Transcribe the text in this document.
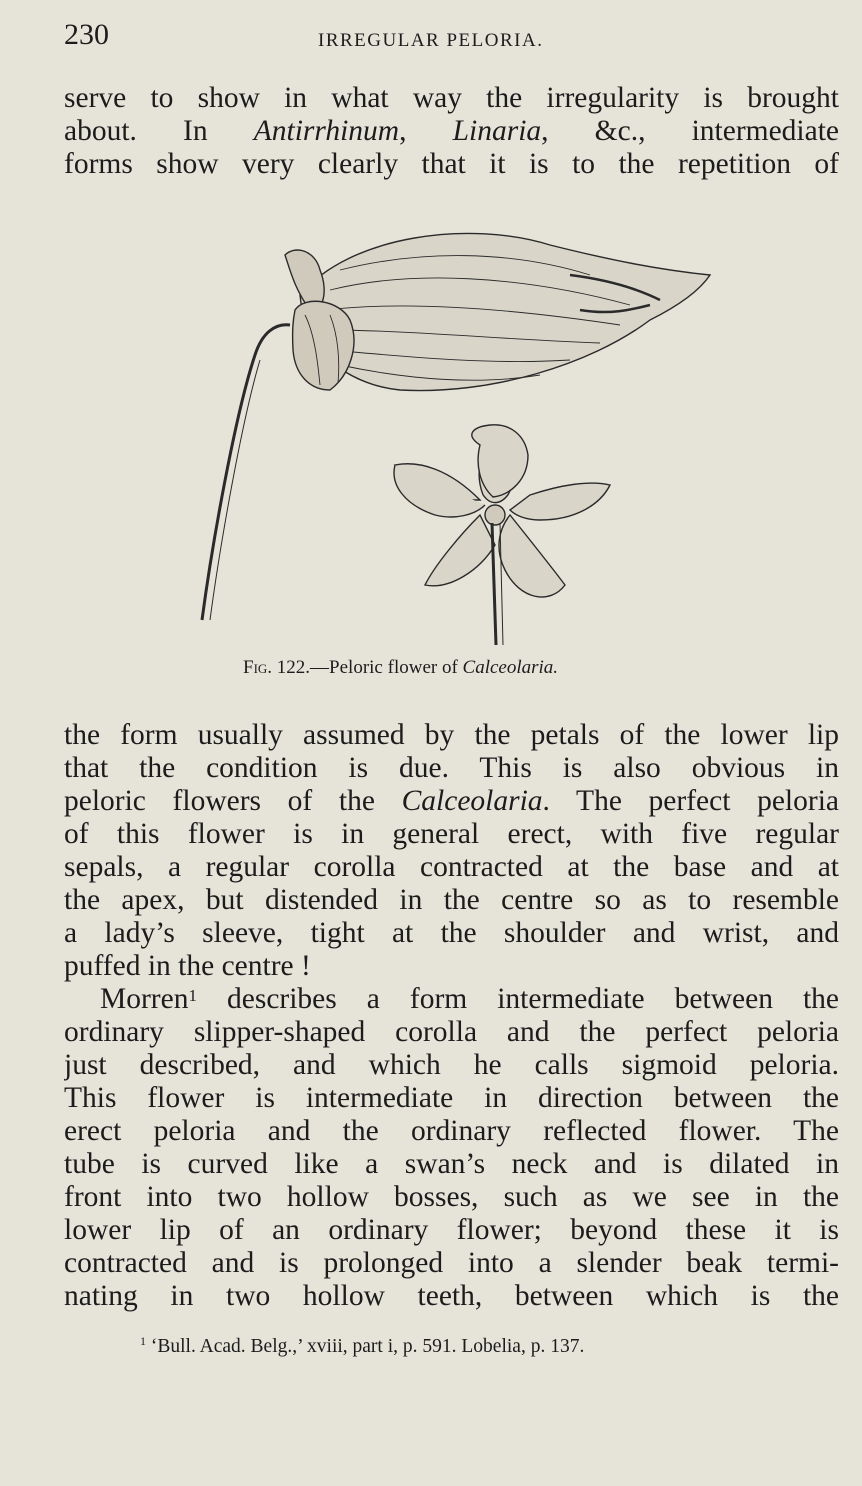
230	IRREGULAR PELORIA.
serve to show in what way the irregularity is brought
about. In Antirrhinum, Linaria, &c., intermediate
forms show very clearly that it is to the repetition of
Fig. 122.—Peloric flower of Calceolaria.
the form usually assumed by the petals of the lower lip
that the condition is due. This is also obvious in
peloric flowers of the Calceolaria. The perfect peloria
of this flower is in general erect, with five regular
sepals, a regular corolla contracted at the base and at
the apex, but distended in the centre so as to resemble
a lady’s sleeve, tight at the shoulder and wrist, and
puffed in the centre !
Morren$^1$ describes a form intermediate between the
ordinary slipper-shaped corolla and the perfect peloria
just described, and which he calls sigmoid peloria.
This flower is intermediate in direction between the
erect peloria and the ordinary reflected flower. The
tube is curved like a swan’s neck and is dilated in
front into two hollow bosses, such as we see in the
lower lip of an ordinary flower; beyond these it is
contracted and is prolonged into a slender beak termi-
nating in two hollow teeth, between which is the
$^1$ ‘Bull. Acad. Belg.,’ xviii, part i, p. 591. Lobelia, p. 137.
